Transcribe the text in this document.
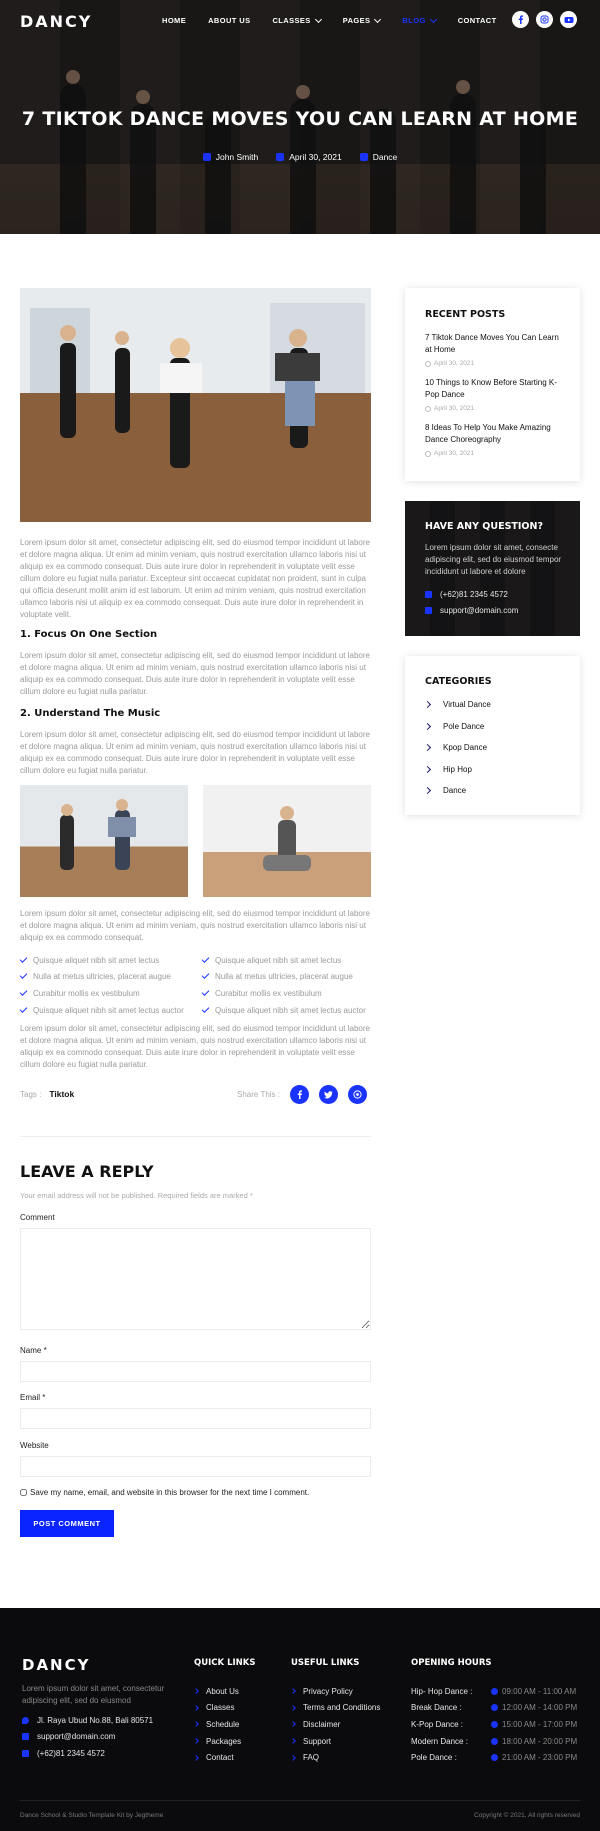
DANCY	HOME	ABOUT US	CLASSES	PAGES	BLOG	CONTACT
7 TIKTOK DANCE MOVES YOU CAN LEARN AT HOME
John Smith	April 30, 2021	Dance

Lorem ipsum dolor sit amet, consectetur adipiscing elit, sed do eiusmod tempor incididunt ut labore et dolore magna aliqua. Ut enim ad minim veniam, quis nostrud exercitation ullamco laboris nisi ut aliquip ex ea commodo consequat. Duis aute irure dolor in reprehenderit in voluptate velit esse cillum dolore eu fugiat nulla pariatur. Excepteur sint occaecat cupidatat non proident, sunt in culpa qui officia deserunt mollit anim id est laborum. Ut enim ad minim veniam, quis nostrud exercitation ullamco laboris nisi ut aliquip ex ea commodo consequat. Duis aute irure dolor in reprehenderit in voluptate velit.

1. Focus On One Section

Lorem ipsum dolor sit amet, consectetur adipiscing elit, sed do eiusmod tempor incididunt ut labore et dolore magna aliqua. Ut enim ad minim veniam, quis nostrud exercitation ullamco laboris nisi ut aliquip ex ea commodo consequat. Duis aute irure dolor in reprehenderit in voluptate velit esse cillum dolore eu fugiat nulla pariatur.

2. Understand The Music

Lorem ipsum dolor sit amet, consectetur adipiscing elit, sed do eiusmod tempor incididunt ut labore et dolore magna aliqua. Ut enim ad minim veniam, quis nostrud exercitation ullamco laboris nisi ut aliquip ex ea commodo consequat. Duis aute irure dolor in reprehenderit in voluptate velit esse cillum dolore eu fugiat nulla pariatur.

Lorem ipsum dolor sit amet, consectetur adipiscing elit, sed do eiusmod tempor incididunt ut labore et dolore magna aliqua. Ut enim ad minim veniam, quis nostrud exercitation ullamco laboris nisi ut aliquip ex ea commodo consequat.

Quisque aliquet nibh sit amet lectus
Nulla at metus ultricies, placerat augue
Curabitur mollis ex vestibulum
Quisque aliquet nibh sit amet lectus auctor
Quisque aliquet nibh sit amet lectus
Nulla at metus ultricies, placerat augue
Curabitur mollis ex vestibulum
Quisque aliquet nibh sit amet lectus auctor

Lorem ipsum dolor sit amet, consectetur adipiscing elit, sed do eiusmod tempor incididunt ut labore et dolore magna aliqua. Ut enim ad minim veniam, quis nostrud exercitation ullamco laboris nisi ut aliquip ex ea commodo consequat. Duis aute irure dolor in reprehenderit in voluptate velit esse cillum dolore eu fugiat nulla pariatur.

Tags : Tiktok	Share This :
LEAVE A REPLY
Your email address will not be published. Required fields are marked *
Comment
Name *
Email *
Website
Save my name, email, and website in this browser for the next time I comment.
POST COMMENT
RECENT POSTS
7 Tiktok Dance Moves You Can Learn at Home
April 30, 2021
10 Things to Know Before Starting K-Pop Dance
April 30, 2021
8 Ideas To Help You Make Amazing Dance Choreography
April 30, 2021
HAVE ANY QUESTION?
Lorem ipsum dolor sit amet, consecte adipiscing elit, sed do eiusmod tempor incididunt ut labore et dolore
(+62)81 2345 4572
support@domain.com
CATEGORIES
Virtual Dance
Pole Dance
Kpop Dance
Hip Hop
Dance
DANCY
Lorem ipsum dolor sit amet, consectetur adipiscing elit, sed do eiusmod
Jl. Raya Ubud No.88, Bali 80571
support@domain.com
(+62)81 2345 4572
QUICK LINKS
About Us
Classes
Schedule
Packages
Contact
USEFUL LINKS
Privacy Policy
Terms and Conditions
Disclaimer
Support
FAQ
OPENING HOURS
Hip- Hop Dance :	09:00 AM - 11:00 AM
Break Dance :	12:00 AM - 14:00 PM
K-Pop Dance :	15:00 AM - 17:00 PM
Modern Dance :	18:00 AM - 20:00 PM
Pole Dance :	21:00 AM - 23:00 PM
Dance School & Studio Template Kit by Jegtheme	Copyright © 2021, All rights reserved
